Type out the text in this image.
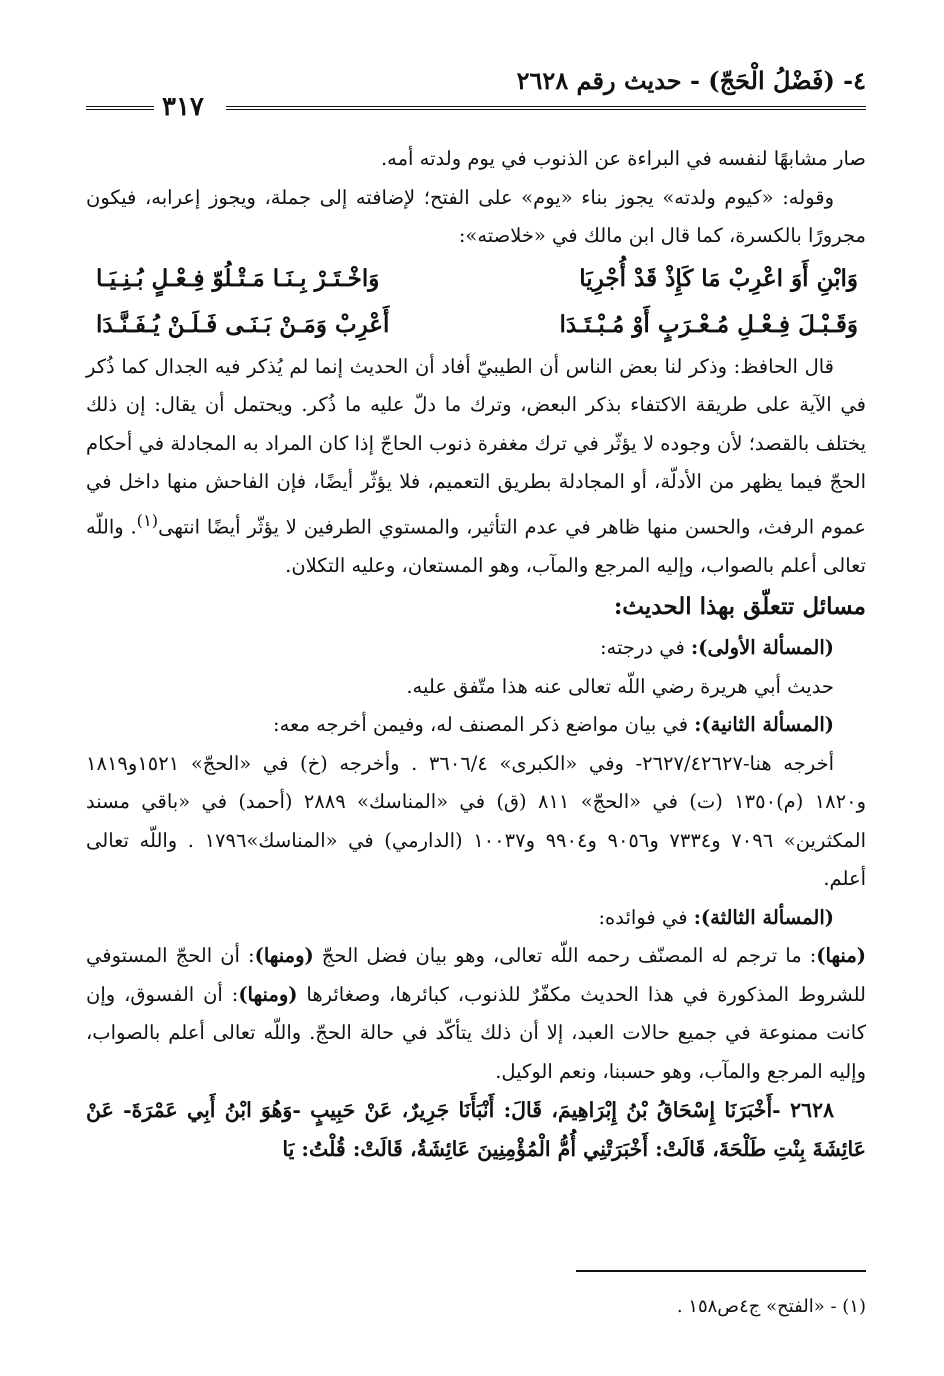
٤- (فَضْلُ الْحَجّ) - حديث رقم ٢٦٢٨
٣١٧

صار مشابهًا لنفسه في البراءة عن الذنوب في يوم ولدته أمه.

وقوله: «كيوم ولدته» يجوز بناء «يوم» على الفتح؛ لإضافته إلى جملة، ويجوز إعرابه، فيكون مجرورًا بالكسرة، كما قال ابن مالك في «خلاصته»:

وَابْنِ أَوَ اعْرِبْ مَا كَإِذْ قَدْ أُجْرِيَا
وَاخْـتَـرْ بِـنَـا مَـتْـلُوّ فِـعْـلٍ بُـنِـيَـا
وَقَـبْـلَ فِـعْـلِ مُـعْـرَبٍ أَوْ مُـبْـتَـدَا
أَعْرِبْ وَمَـنْ بَـنَـى فَـلَـنْ يُـفَـنَّـدَا

قال الحافظ: وذكر لنا بعض الناس أن الطيبيّ أفاد أن الحديث إنما لم يُذكر فيه الجدال كما ذُكر في الآية على طريقة الاكتفاء بذكر البعض، وترك ما دلّ عليه ما ذُكر. ويحتمل أن يقال: إن ذلك يختلف بالقصد؛ لأن وجوده لا يؤثّر في ترك مغفرة ذنوب الحاجّ إذا كان المراد به المجادلة في أحكام الحجّ فيما يظهر من الأدلّة، أو المجادلة بطريق التعميم، فلا يؤثّر أيضًا، فإن الفاحش منها داخل في عموم الرفث، والحسن منها ظاهر في عدم التأثير، والمستوي الطرفين لا يؤثّر أيضًا انتهى$^{(١)}$. واللّه تعالى أعلم بالصواب، وإليه المرجع والمآب، وهو المستعان، وعليه التكلان.

مسائل تتعلّق بهذا الحديث:

(المسألة الأولى): في درجته:

حديث أبي هريرة رضي اللّه تعالى عنه هذا متّفق عليه.

(المسألة الثانية): في بيان مواضع ذكر المصنف له، وفيمن أخرجه معه:

أخرجه هنا-٢٦٢٧/٤٢٦٢٧- وفي «الكبرى» ٣٦٠٦/٤ . وأخرجه (خ) في «الحجّ» ١٥٢١و١٨١٩ و١٨٢٠ (م)١٣٥٠ (ت) في «الحجّ» ٨١١ (ق) في «المناسك» ٢٨٨٩ (أحمد) في «باقي مسند المكثرين» ٧٠٩٦ و٧٣٣٤ و٩٠٥٦ و٩٩٠٤ و١٠٠٣٧ (الدارمي) في «المناسك»١٧٩٦ . واللّه تعالى أعلم.

(المسألة الثالثة): في فوائده:

(منها): ما ترجم له المصنّف رحمه اللّه تعالى، وهو بيان فضل الحجّ (ومنها): أن الحجّ المستوفي للشروط المذكورة في هذا الحديث مكفّرٌ للذنوب، كبائرها، وصغائرها (ومنها): أن الفسوق، وإن كانت ممنوعة في جميع حالات العبد، إلا أن ذلك يتأكّد في حالة الحجّ. واللّه تعالى أعلم بالصواب، وإليه المرجع والمآب، وهو حسبنا، ونعم الوكيل.

٢٦٢٨ -أَخْبَرَنَا إِسْحَاقُ بْنُ إِبْرَاهِيمَ، قَالَ: أَنْبَأَنَا جَرِيرٌ، عَنْ حَبِيبٍ -وَهُوَ ابْنُ أَبِي عَمْرَةَ- عَنْ عَائِشَةَ بِنْتِ طَلْحَةَ، قَالَتْ: أَخْبَرَتْنِي أُمُّ الْمُؤْمِنِينَ عَائِشَةُ، قَالَتْ: قُلْتُ: يَا

(١) - «الفتح» ج٤ص١٥٨ .
